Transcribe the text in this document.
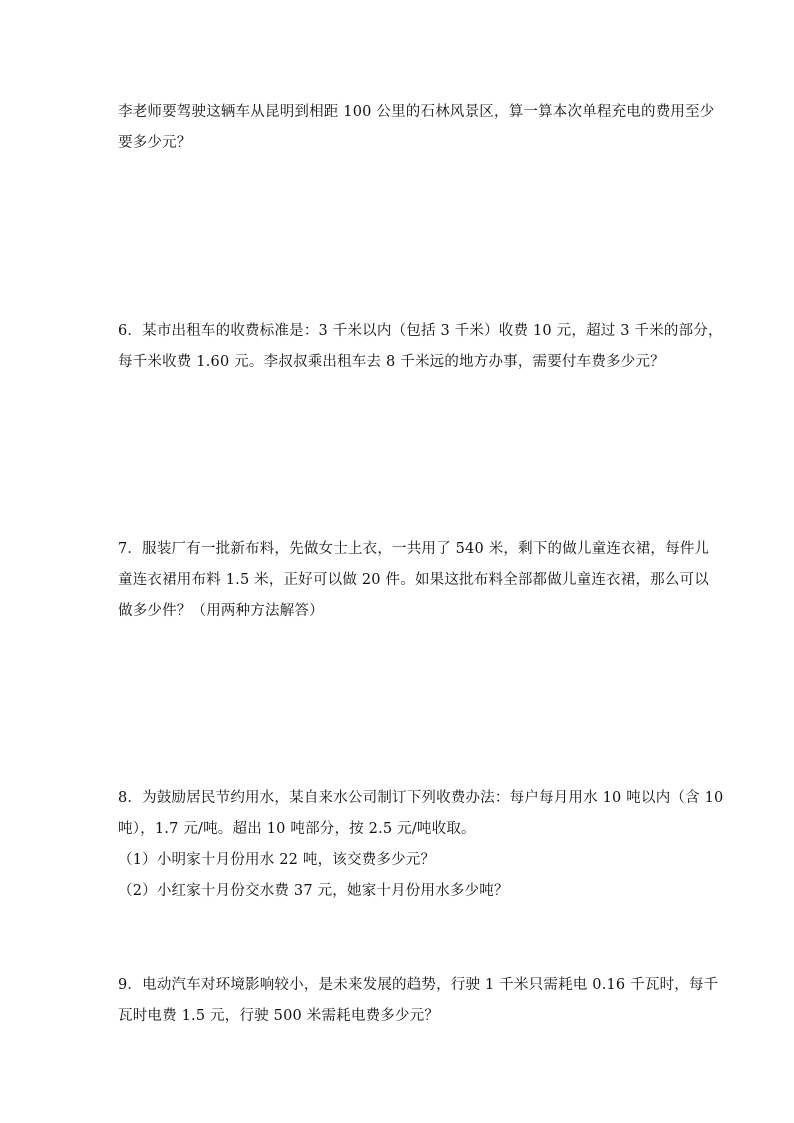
李老师要驾驶这辆车从昆明到相距 100 公里的石林风景区，算一算本次单程充电的费用至少
要多少元？
6．某市出租车的收费标准是：3 千米以内（包括 3 千米）收费 10 元，超过 3 千米的部分，
每千米收费 1.60 元。李叔叔乘出租车去 8 千米远的地方办事，需要付车费多少元？
7．服装厂有一批新布料，先做女士上衣，一共用了 540 米，剩下的做儿童连衣裙，每件儿
童连衣裙用布料 1.5 米，正好可以做 20 件。如果这批布料全部都做儿童连衣裙，那么可以
做多少件？（用两种方法解答）
8．为鼓励居民节约用水，某自来水公司制订下列收费办法：每户每月用水 10 吨以内（含 10
吨），1.7 元/吨。超出 10 吨部分，按 2.5 元/吨收取。
（1）小明家十月份用水 22 吨，该交费多少元？
（2）小红家十月份交水费 37 元，她家十月份用水多少吨？
9．电动汽车对环境影响较小，是未来发展的趋势，行驶 1 千米只需耗电 0.16 千瓦时，每千
瓦时电费 1.5 元，行驶 500 米需耗电费多少元？
